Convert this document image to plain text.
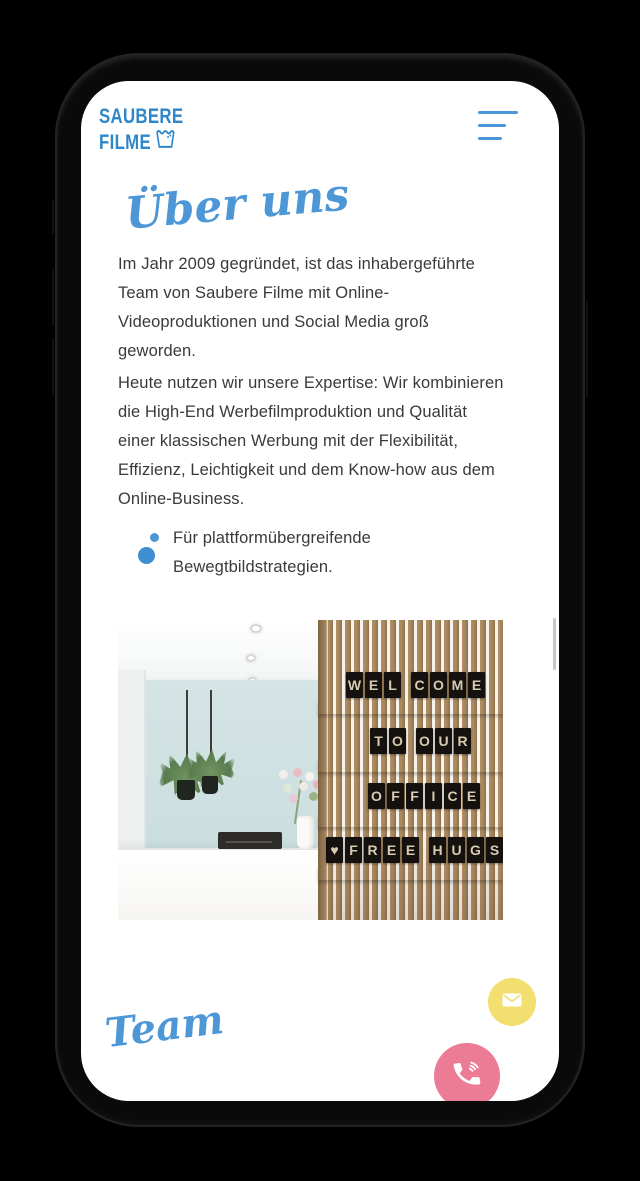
SAUBERE
FILME
Über uns
Im Jahr 2009 gegründet, ist das inhabergeführte
Team von Saubere Filme mit Online-
Videoproduktionen und Social Media groß
geworden.
Heute nutzen wir unsere Expertise: Wir kombinieren
die High-End Werbefilmproduktion und Qualität
einer klassischen Werbung mit der Flexibilität,
Effizienz, Leichtigkeit und dem Know-how aus dem
Online-Business.
Für plattformübergreifende
Bewegtbildstrategien.
W E L	C O M E
T O O U R
O F F I C E
♥ F R E E H U G S
Team
